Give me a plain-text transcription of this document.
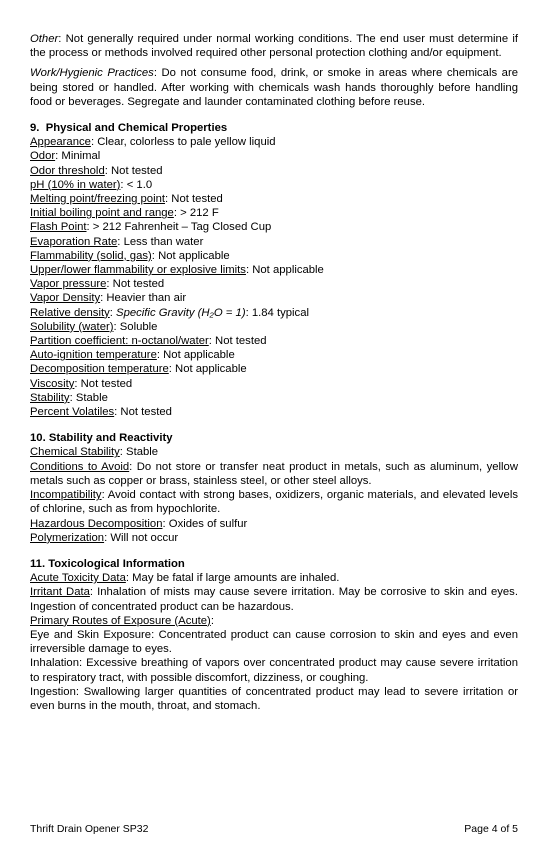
Other: Not generally required under normal working conditions. The end user must determine if the process or methods involved required other personal protection clothing and/or equipment.

Work/Hygienic Practices: Do not consume food, drink, or smoke in areas where chemicals are being stored or handled. After working with chemicals wash hands thoroughly before handling food or beverages. Segregate and launder contaminated clothing before reuse.

9.  Physical and Chemical Properties

Appearance: Clear, colorless to pale yellow liquid

Odor: Minimal

Odor threshold: Not tested

pH (10% in water): < 1.0

Melting point/freezing point: Not tested

Initial boiling point and range: > 212 F

Flash Point: > 212 Fahrenheit – Tag Closed Cup

Evaporation Rate: Less than water

Flammability (solid, gas): Not applicable

Upper/lower flammability or explosive limits: Not applicable

Vapor pressure: Not tested

Vapor Density: Heavier than air

Relative density: Specific Gravity (H₂O = 1): 1.84 typical

Solubility (water): Soluble

Partition coefficient: n-octanol/water: Not tested

Auto-ignition temperature: Not applicable

Decomposition temperature: Not applicable

Viscosity: Not tested

Stability: Stable

Percent Volatiles: Not tested

10. Stability and Reactivity

Chemical Stability: Stable

Conditions to Avoid: Do not store or transfer neat product in metals, such as aluminum, yellow metals such as copper or brass, stainless steel, or other steel alloys.

Incompatibility: Avoid contact with strong bases, oxidizers, organic materials, and elevated levels of chlorine, such as from hypochlorite.

Hazardous Decomposition: Oxides of sulfur

Polymerization: Will not occur

11. Toxicological Information

Acute Toxicity Data: May be fatal if large amounts are inhaled.

Irritant Data: Inhalation of mists may cause severe irritation. May be corrosive to skin and eyes. Ingestion of concentrated product can be hazardous.

Primary Routes of Exposure (Acute):

Eye and Skin Exposure: Concentrated product can cause corrosion to skin and eyes and even irreversible damage to eyes.

Inhalation: Excessive breathing of vapors over concentrated product may cause severe irritation to respiratory tract, with possible discomfort, dizziness, or coughing.

Ingestion: Swallowing larger quantities of concentrated product may lead to severe irritation or even burns in the mouth, throat, and stomach.

Thrift Drain Opener SP32	Page 4 of 5
